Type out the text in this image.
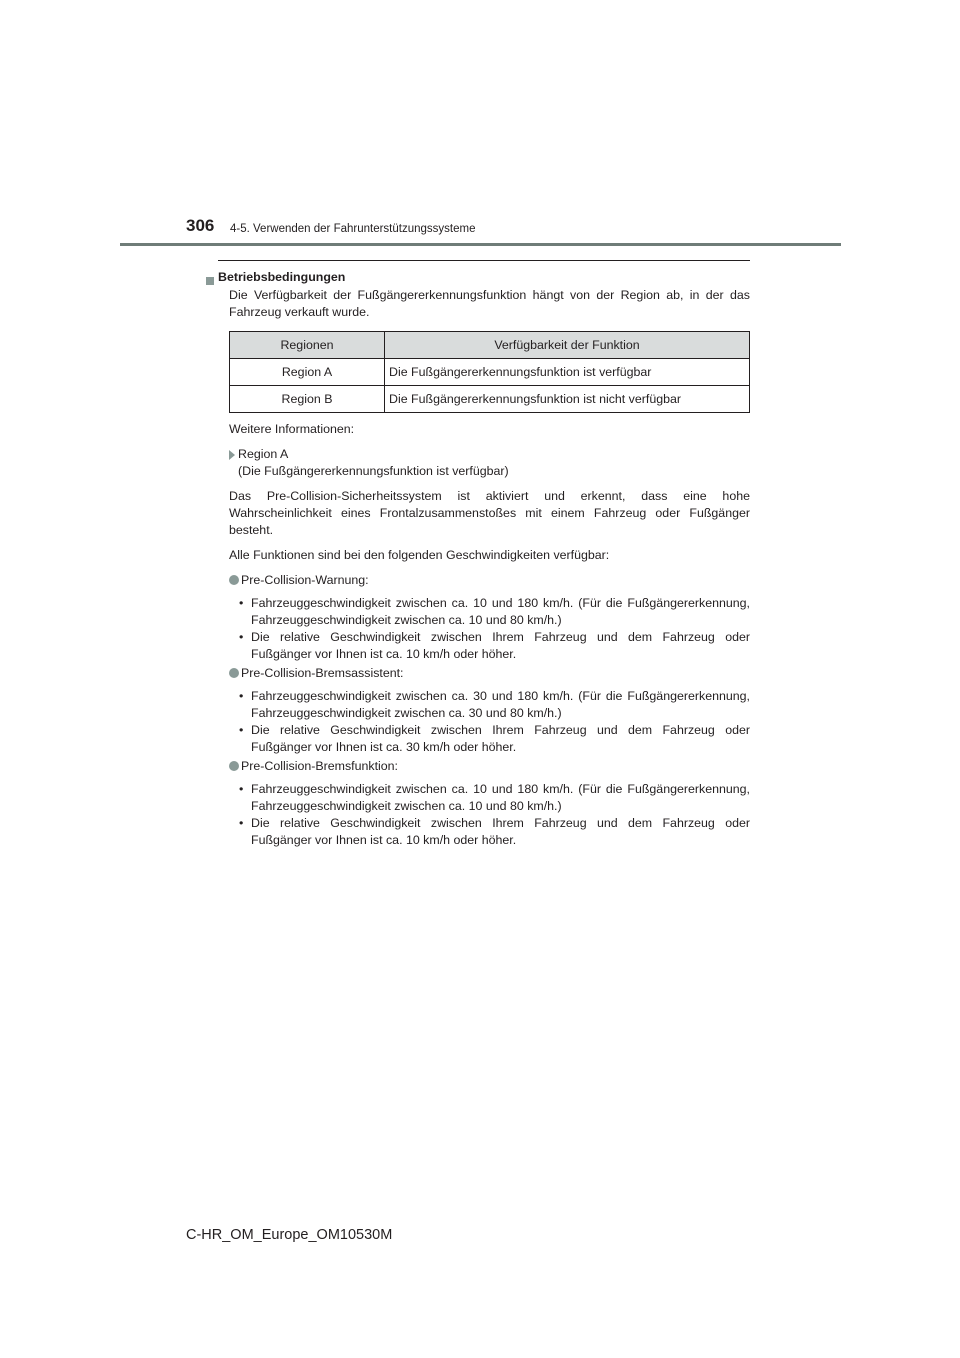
306 4-5. Verwenden der Fahrunterstützungssysteme
Betriebsbedingungen

Die Verfügbarkeit der Fußgängererkennungsfunktion hängt von der Region ab, in der das Fahrzeug verkauft wurde.

Regionen	Verfügbarkeit der Funktion
Region A	Die Fußgängererkennungsfunktion ist verfügbar
Region B	Die Fußgängererkennungsfunktion ist nicht verfügbar

Weitere Informationen:

Region A
(Die Fußgängererkennungsfunktion ist verfügbar)

Das Pre-Collision-Sicherheitssystem ist aktiviert und erkennt, dass eine hohe Wahrscheinlichkeit eines Frontalzusammenstoßes mit einem Fahrzeug oder Fußgänger besteht.

Alle Funktionen sind bei den folgenden Geschwindigkeiten verfügbar:

Pre-Collision-Warnung:
• Fahrzeuggeschwindigkeit zwischen ca. 10 und 180 km/h. (Für die Fußgängererkennung, Fahrzeuggeschwindigkeit zwischen ca. 10 und 80 km/h.)
• Die relative Geschwindigkeit zwischen Ihrem Fahrzeug und dem Fahrzeug oder Fußgänger vor Ihnen ist ca. 10 km/h oder höher.
Pre-Collision-Bremsassistent:
• Fahrzeuggeschwindigkeit zwischen ca. 30 und 180 km/h. (Für die Fußgängererkennung, Fahrzeuggeschwindigkeit zwischen ca. 30 und 80 km/h.)
• Die relative Geschwindigkeit zwischen Ihrem Fahrzeug und dem Fahrzeug oder Fußgänger vor Ihnen ist ca. 30 km/h oder höher.
Pre-Collision-Bremsfunktion:
• Fahrzeuggeschwindigkeit zwischen ca. 10 und 180 km/h. (Für die Fußgängererkennung, Fahrzeuggeschwindigkeit zwischen ca. 10 und 80 km/h.)
• Die relative Geschwindigkeit zwischen Ihrem Fahrzeug und dem Fahrzeug oder Fußgänger vor Ihnen ist ca. 10 km/h oder höher.
C-HR_OM_Europe_OM10530M
